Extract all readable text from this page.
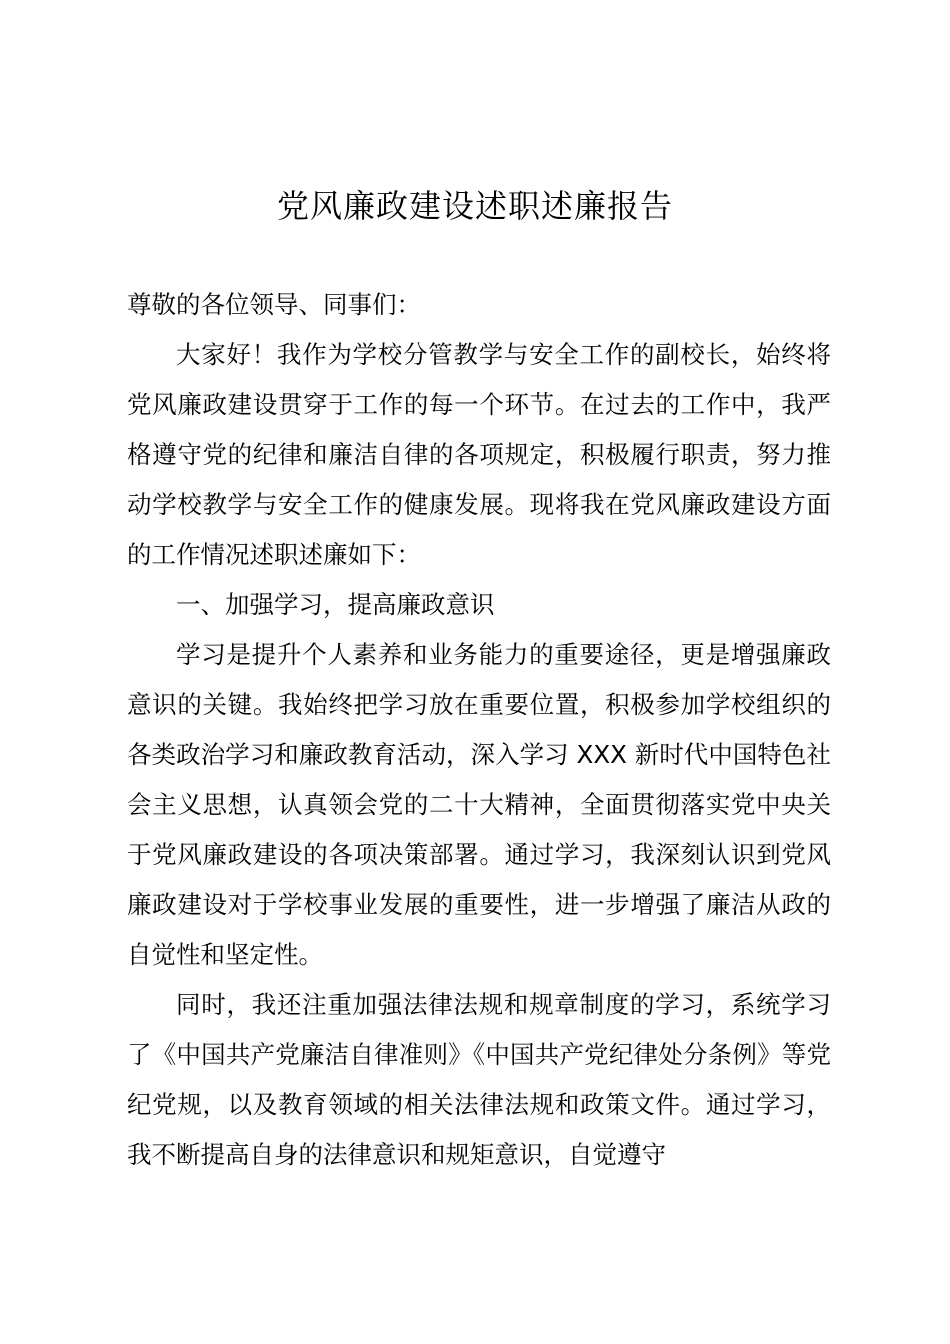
党风廉政建设述职述廉报告

尊敬的各位领导、同事们：

大家好！我作为学校分管教学与安全工作的副校长，始终将党风廉政建设贯穿于工作的每一个环节。在过去的工作中，我严格遵守党的纪律和廉洁自律的各项规定，积极履行职责，努力推动学校教学与安全工作的健康发展。现将我在党风廉政建设方面的工作情况述职述廉如下：

一、加强学习，提高廉政意识

学习是提升个人素养和业务能力的重要途径，更是增强廉政意识的关键。我始终把学习放在重要位置，积极参加学校组织的各类政治学习和廉政教育活动，深入学习 XXX 新时代中国特色社会主义思想，认真领会党的二十大精神，全面贯彻落实党中央关于党风廉政建设的各项决策部署。通过学习，我深刻认识到党风廉政建设对于学校事业发展的重要性，进一步增强了廉洁从政的自觉性和坚定性。

同时，我还注重加强法律法规和规章制度的学习，系统学习了《中国共产党廉洁自律准则》《中国共产党纪律处分条例》等党纪党规，以及教育领域的相关法律法规和政策文件。通过学习，我不断提高自身的法律意识和规矩意识，自觉遵守
